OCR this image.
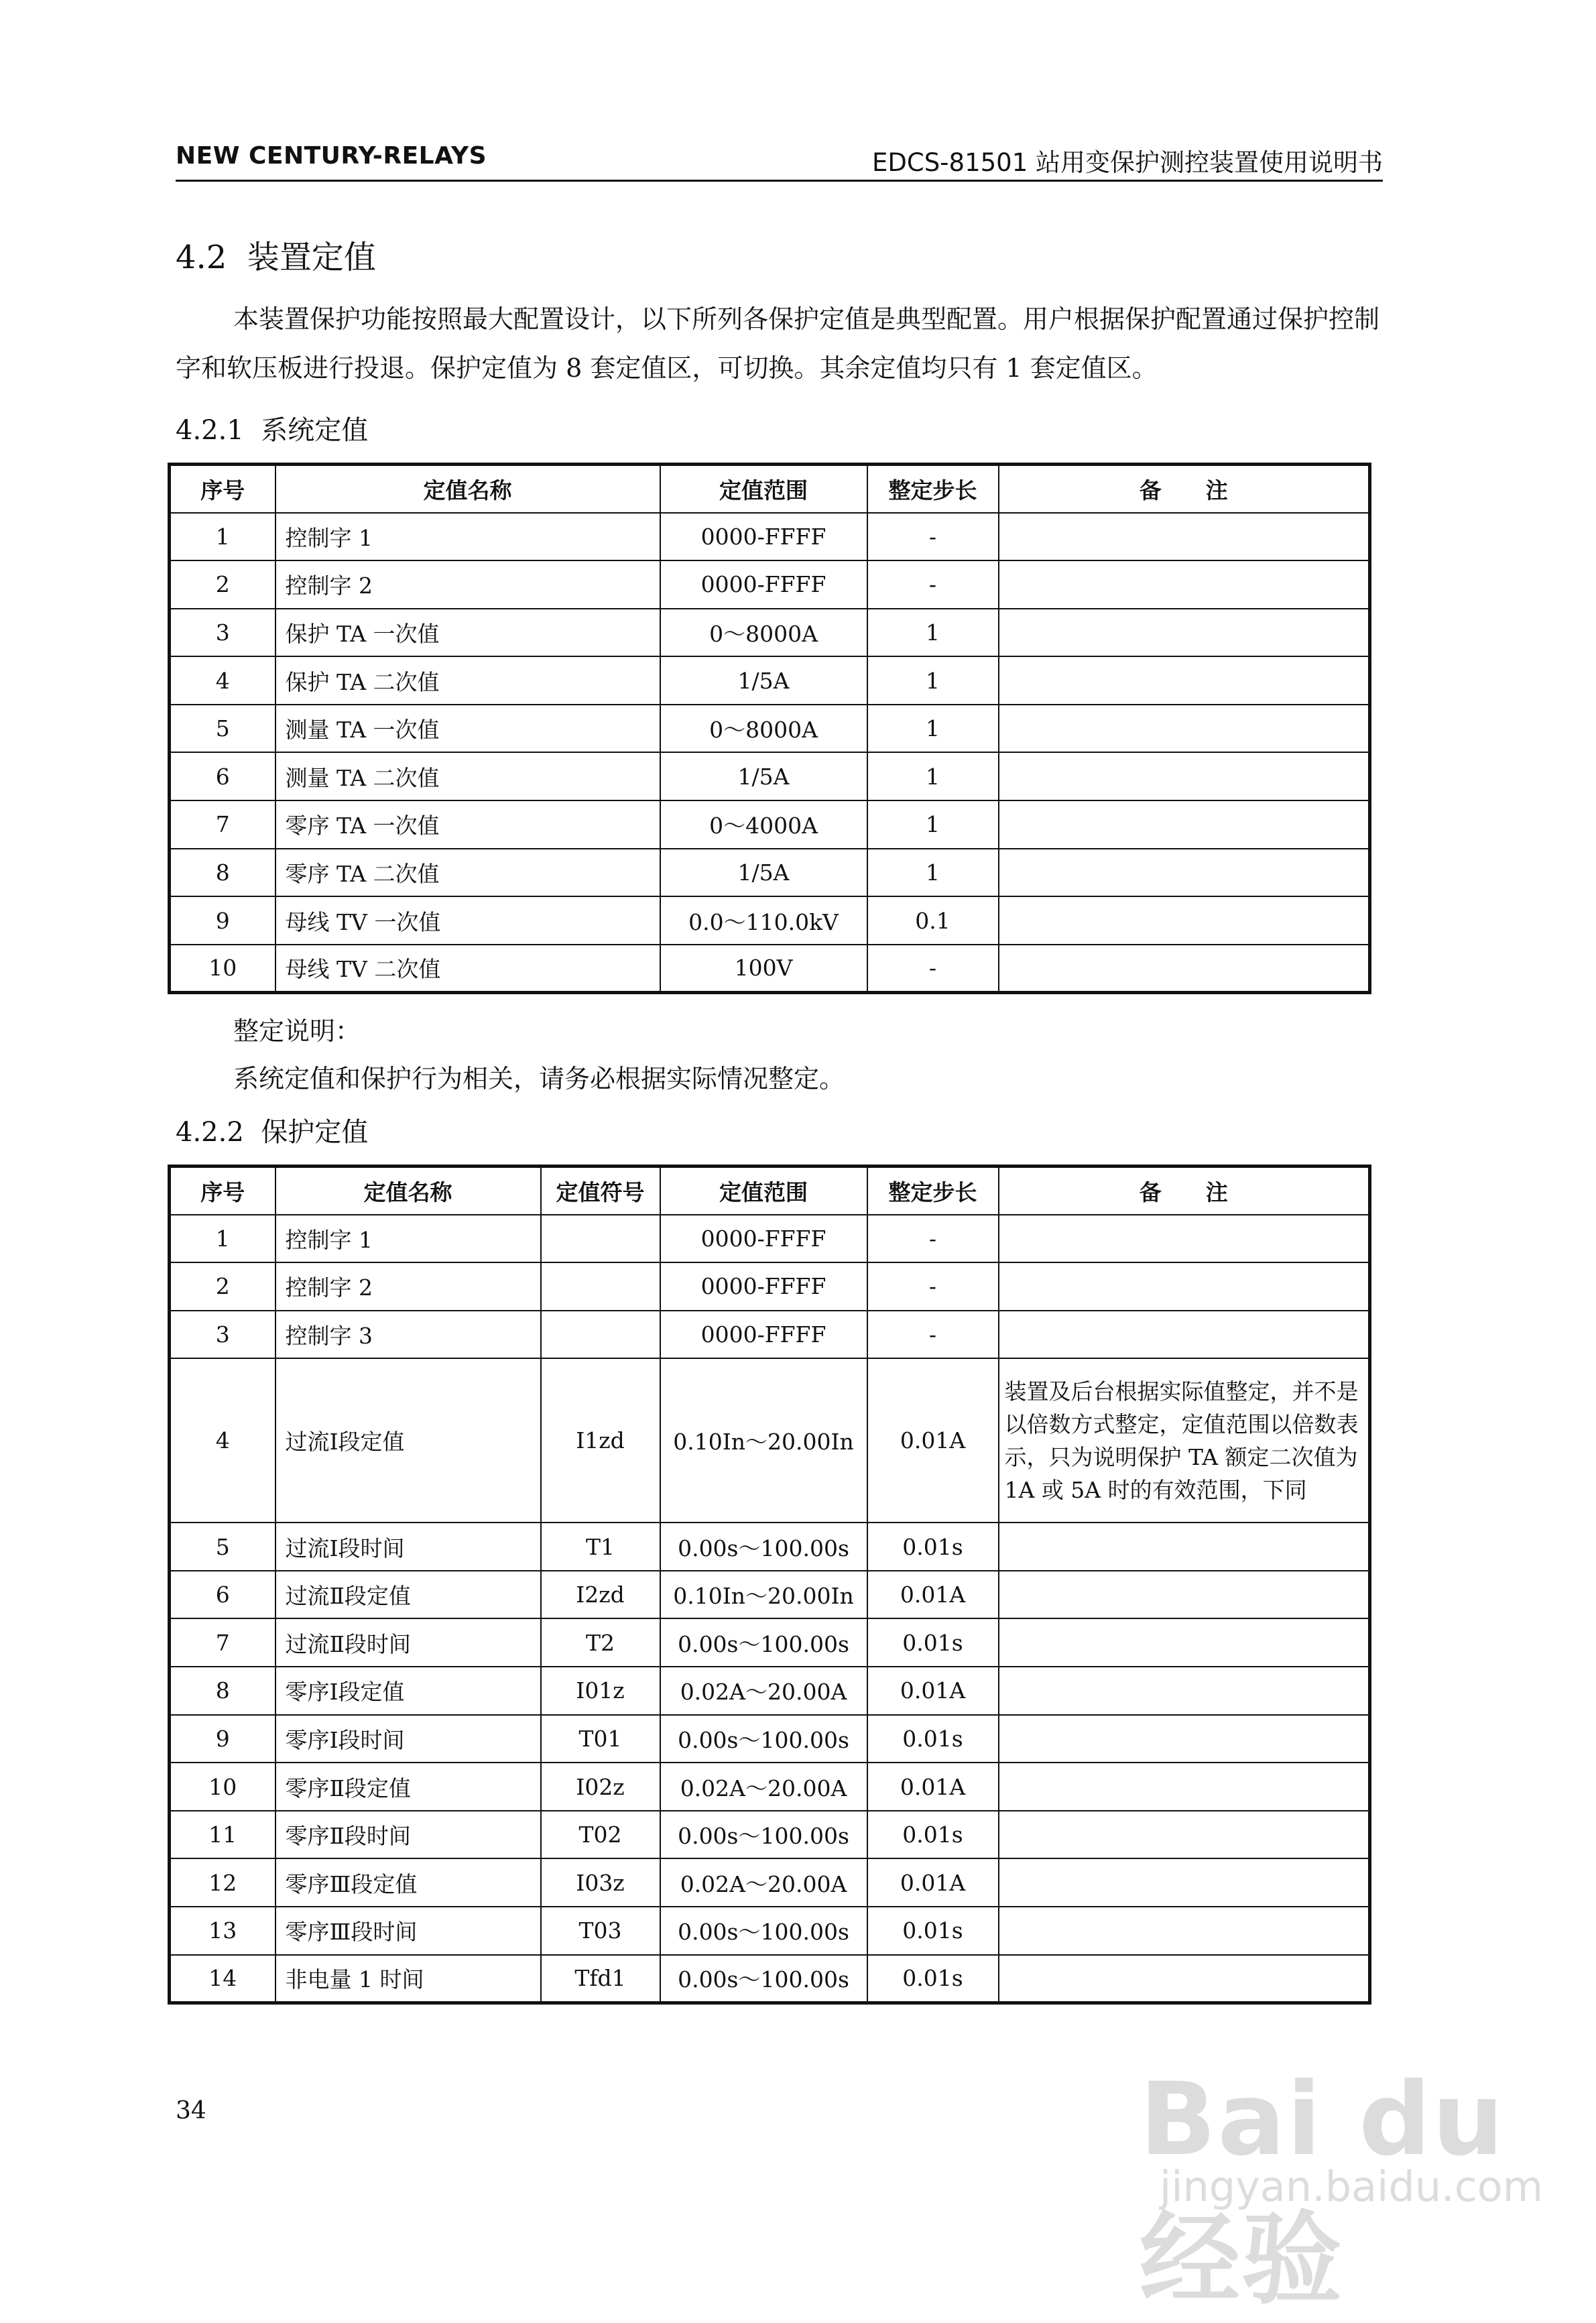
NEW CENTURY-RELAYS	EDCS-81501 站用变保护测控装置使用说明书
4.2 装置定值

本装置保护功能按照最大配置设计，以下所列各保护定值是典型配置。用户根据保护配置通过保护控制字和软压板进行投退。保护定值为 8 套定值区，可切换。其余定值均只有 1 套定值区。

4.2.1 系统定值
序号	定值名称	定值范围	整定步长	备　　注
1	控制字 1	0000-FFFF	-	
2	控制字 2	0000-FFFF	-	
3	保护 TA 一次值	0～8000A	1	
4	保护 TA 二次值	1/5A	1	
5	测量 TA 一次值	0～8000A	1	
6	测量 TA 二次值	1/5A	1	
7	零序 TA 一次值	0～4000A	1	
8	零序 TA 二次值	1/5A	1	
9	母线 TV 一次值	0.0～110.0kV	0.1	
10	母线 TV 二次值	100V	-	
整定说明：
系统定值和保护行为相关，请务必根据实际情况整定。
4.2.2 保护定值
序号	定值名称	定值符号	定值范围	整定步长	备　　注
1	控制字 1		0000-FFFF	-	
2	控制字 2		0000-FFFF	-	
3	控制字 3		0000-FFFF	-	
4	过流Ⅰ段定值	I1zd	0.10In～20.00In	0.01A	装置及后台根据实际值整定，并不是以倍数方式整定，定值范围以倍数表示，只为说明保护 TA 额定二次值为 1A 或 5A 时的有效范围，下同
5	过流Ⅰ段时间	T1	0.00s～100.00s	0.01s	
6	过流Ⅱ段定值	I2zd	0.10In～20.00In	0.01A	
7	过流Ⅱ段时间	T2	0.00s～100.00s	0.01s	
8	零序Ⅰ段定值	I01z	0.02A～20.00A	0.01A	
9	零序Ⅰ段时间	T01	0.00s～100.00s	0.01s	
10	零序Ⅱ段定值	I02z	0.02A～20.00A	0.01A	
11	零序Ⅱ段时间	T02	0.00s～100.00s	0.01s	
12	零序Ⅲ段定值	I03z	0.02A～20.00A	0.01A	
13	零序Ⅲ段时间	T03	0.00s～100.00s	0.01s	
14	非电量 1 时间	Tfd1	0.00s～100.00s	0.01s	
34	Bai du 经验
jingyan.baidu.com
